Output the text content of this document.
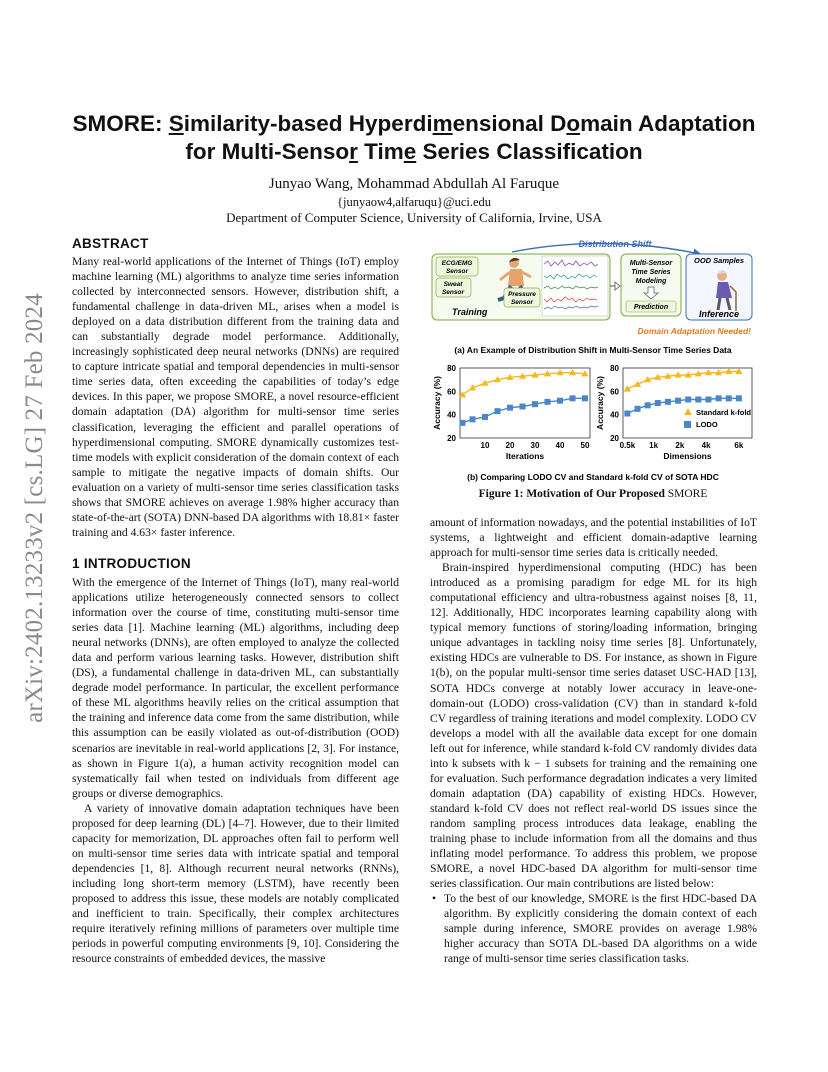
arXiv:2402.13233v2 [cs.LG] 27 Feb 2024
SMORE: Similarity-based Hyperdimensional Domain Adaptation
for Multi-Sensor Time Series Classification
Junyao Wang, Mohammad Abdullah Al Faruque
{junyaow4,alfaruqu}@uci.edu
Department of Computer Science, University of California, Irvine, USA
ABSTRACT

Many real-world applications of the Internet of Things (IoT) employ machine learning (ML) algorithms to analyze time series information collected by interconnected sensors. However, distribution shift, a fundamental challenge in data-driven ML, arises when a model is deployed on a data distribution different from the training data and can substantially degrade model performance. Additionally, increasingly sophisticated deep neural networks (DNNs) are required to capture intricate spatial and temporal dependencies in multi-sensor time series data, often exceeding the capabilities of today’s edge devices. In this paper, we propose SMORE, a novel resource-efficient domain adaptation (DA) algorithm for multi-sensor time series classification, leveraging the efficient and parallel operations of hyperdimensional computing. SMORE dynamically customizes test-time models with explicit consideration of the domain context of each sample to mitigate the negative impacts of domain shifts. Our evaluation on a variety of multi-sensor time series classification tasks shows that SMORE achieves on average 1.98% higher accuracy than state-of-the-art (SOTA) DNN-based DA algorithms with 18.81× faster training and 4.63× faster inference.

1 INTRODUCTION

With the emergence of the Internet of Things (IoT), many real-world applications utilize heterogeneously connected sensors to collect information over the course of time, constituting multi-sensor time series data [1]. Machine learning (ML) algorithms, including deep neural networks (DNNs), are often employed to analyze the collected data and perform various learning tasks. However, distribution shift (DS), a fundamental challenge in data-driven ML, can substantially degrade model performance. In particular, the excellent performance of these ML algorithms heavily relies on the critical assumption that the training and inference data come from the same distribution, while this assumption can be easily violated as out-of-distribution (OOD) scenarios are inevitable in real-world applications [2, 3]. For instance, as shown in Figure 1(a), a human activity recognition model can systematically fail when tested on individuals from different age groups or diverse demographics.

A variety of innovative domain adaptation techniques have been proposed for deep learning (DL) [4–7]. However, due to their limited capacity for memorization, DL approaches often fail to perform well on multi-sensor time series data with intricate spatial and temporal dependencies [1, 8]. Although recurrent neural networks (RNNs), including long short-term memory (LSTM), have recently been proposed to address this issue, these models are notably complicated and inefficient to train. Specifically, their complex architectures require iteratively refining millions of parameters over multiple time periods in powerful computing environments [9, 10]. Considering the resource constraints of embedded devices, the massive

Distribution Shift
ECG/EMG
Sensor
Sweat
Sensor	Pressure
Sensor
Training
Multi-Sensor
Time Series
Modeling
Prediction
OOD Samples
Inference
Domain Adaptation Needed!
(a) An Example of Distribution Shift in Multi-Sensor Time Series Data
20
40
60
80
10 20 30 40 50
Iterations
Accuracy (%)
20
40
60
80
0.5k 1k 2k 4k	6k
Dimensions
Accuracy (%)	Standard k-fold
LODO
(b) Comparing LODO CV and Standard k-fold CV of SOTA HDC
Figure 1: Motivation of Our Proposed SMORE

amount of information nowadays, and the potential instabilities of IoT systems, a lightweight and efficient domain-adaptive learning approach for multi-sensor time series data is critically needed.

Brain-inspired hyperdimensional computing (HDC) has been introduced as a promising paradigm for edge ML for its high computational efficiency and ultra-robustness against noises [8, 11, 12]. Additionally, HDC incorporates learning capability along with typical memory functions of storing/loading information, bringing unique advantages in tackling noisy time series [8]. Unfortunately, existing HDCs are vulnerable to DS. For instance, as shown in Figure 1(b), on the popular multi-sensor time series dataset USC-HAD [13], SOTA HDCs converge at notably lower accuracy in leave-one-domain-out (LODO) cross-validation (CV) than in standard k-fold CV regardless of training iterations and model complexity. LODO CV develops a model with all the available data except for one domain left out for inference, while standard k-fold CV randomly divides data into k subsets with k − 1 subsets for training and the remaining one for evaluation. Such performance degradation indicates a very limited domain adaptation (DA) capability of existing HDCs. However, standard k-fold CV does not reflect real-world DS issues since the random sampling process introduces data leakage, enabling the training phase to include information from all the domains and thus inflating model performance. To address this problem, we propose SMORE, a novel HDC-based DA algorithm for multi-sensor time series classification. Our main contributions are listed below:

• To the best of our knowledge, SMORE is the first HDC-based DA algorithm. By explicitly considering the domain context of each sample during inference, SMORE provides on average 1.98% higher accuracy than SOTA DL-based DA algorithms on a wide range of multi-sensor time series classification tasks.
